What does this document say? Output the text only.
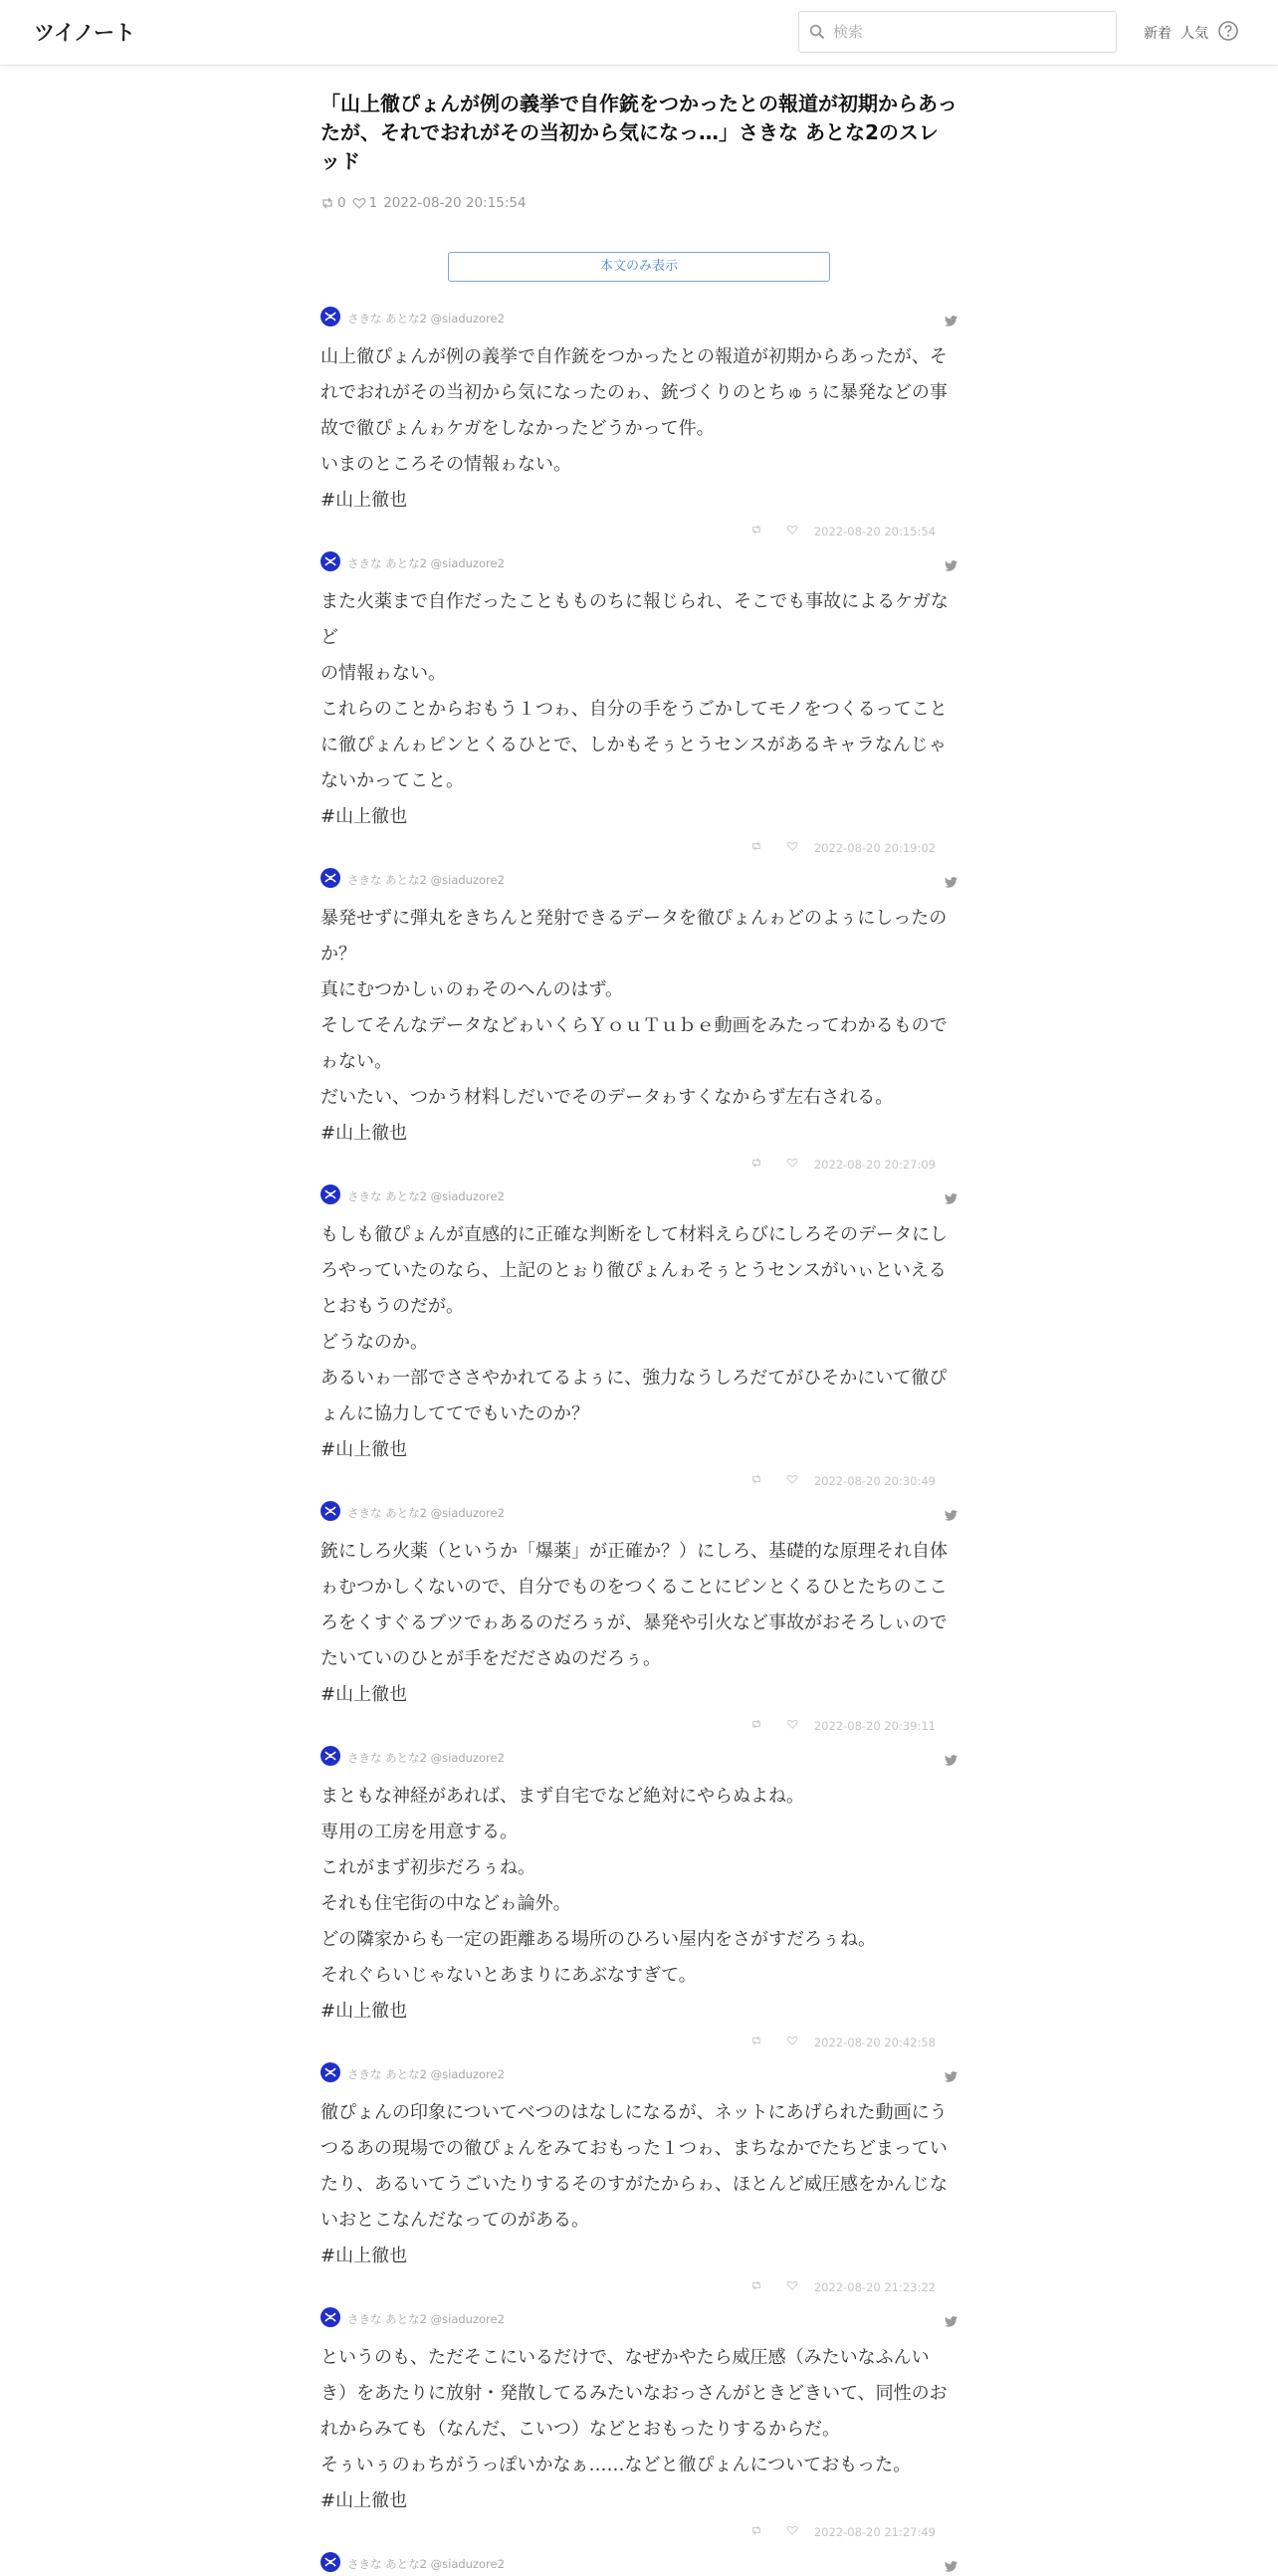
ツイノート
検索	新着 人気
「山上徹ぴょんが例の義挙で自作銃をつかったとの報道が初期からあったが、それでおれがその当初から気になっ…」さきな あとな2のスレッド
0 1 2022-08-20 20:15:54
本文のみ表示
さきな あとな2 @siaduzore2

山上徹ぴょんが例の義挙で自作銃をつかったとの報道が初期からあったが、そ

れでおれがその当初から気になったのゎ、銃づくりのとちゅぅに暴発などの事

故で徹ぴょんゎケガをしなかったどうかって件。

いまのところその情報ゎない。

#山上徹也

2022-08-20 20:15:54
さきな あとな2 @siaduzore2

また火薬まで自作だったこともものちに報じられ、そこでも事故によるケガなど

の情報ゎない。

これらのことからおもう１つゎ、自分の手をうごかしてモノをつくるってこと

に徹ぴょんゎピンとくるひとで、しかもそぅとうセンスがあるキャラなんじゃ

ないかってこと。

#山上徹也

2022-08-20 20:19:02
さきな あとな2 @siaduzore2

暴発せずに弾丸をきちんと発射できるデータを徹ぴょんゎどのよぅにしったの

か？

真にむつかしぃのゎそのへんのはず。

そしてそんなデータなどゎいくらＹｏｕＴｕｂｅ動画をみたってわかるもので

ゎない。

だいたい、つかう材料しだいでそのデータゎすくなからず左右される。

#山上徹也

2022-08-20 20:27:09
さきな あとな2 @siaduzore2

もしも徹ぴょんが直感的に正確な判断をして材料えらびにしろそのデータにし

ろやっていたのなら、上記のとぉり徹ぴょんゎそぅとうセンスがいぃといえる

とおもうのだが。

どうなのか。

あるいゎ一部でささやかれてるよぅに、強力なうしろだてがひそかにいて徹ぴ

ょんに協力しててでもいたのか？

#山上徹也

2022-08-20 20:30:49
さきな あとな2 @siaduzore2

銃にしろ火薬（というか「爆薬」が正確か？）にしろ、基礎的な原理それ自体

ゎむつかしくないので、自分でものをつくることにピンとくるひとたちのここ

ろをくすぐるブツでゎあるのだろぅが、暴発や引火など事故がおそろしぃので

たいていのひとが手をだださぬのだろぅ。

#山上徹也

2022-08-20 20:39:11
さきな あとな2 @siaduzore2

まともな神経があれば、まず自宅でなど絶対にやらぬよね。

専用の工房を用意する。

これがまず初歩だろぅね。

それも住宅街の中などゎ論外。

どの隣家からも一定の距離ある場所のひろい屋内をさがすだろぅね。

それぐらいじゃないとあまりにあぶなすぎて。

#山上徹也

2022-08-20 20:42:58
さきな あとな2 @siaduzore2

徹ぴょんの印象についてべつのはなしになるが、ネットにあげられた動画にう

つるあの現場での徹ぴょんをみておもった１つゎ、まちなかでたちどまってい

たり、あるいてうごいたりするそのすがたからゎ、ほとんど威圧感をかんじな

いおとこなんだなってのがある。

#山上徹也

2022-08-20 21:23:22
さきな あとな2 @siaduzore2

というのも、ただそこにいるだけで、なぜかやたら威圧感（みたいなふんい

き）をあたりに放射・発散してるみたいなおっさんがときどきいて、同性のお

れからみても（なんだ、こいつ）などとおもったりするからだ。

そぅいぅのゎちがうっぽいかなぁ……などと徹ぴょんについておもった。

#山上徹也

2022-08-20 21:27:49
さきな あとな2 @siaduzore2
